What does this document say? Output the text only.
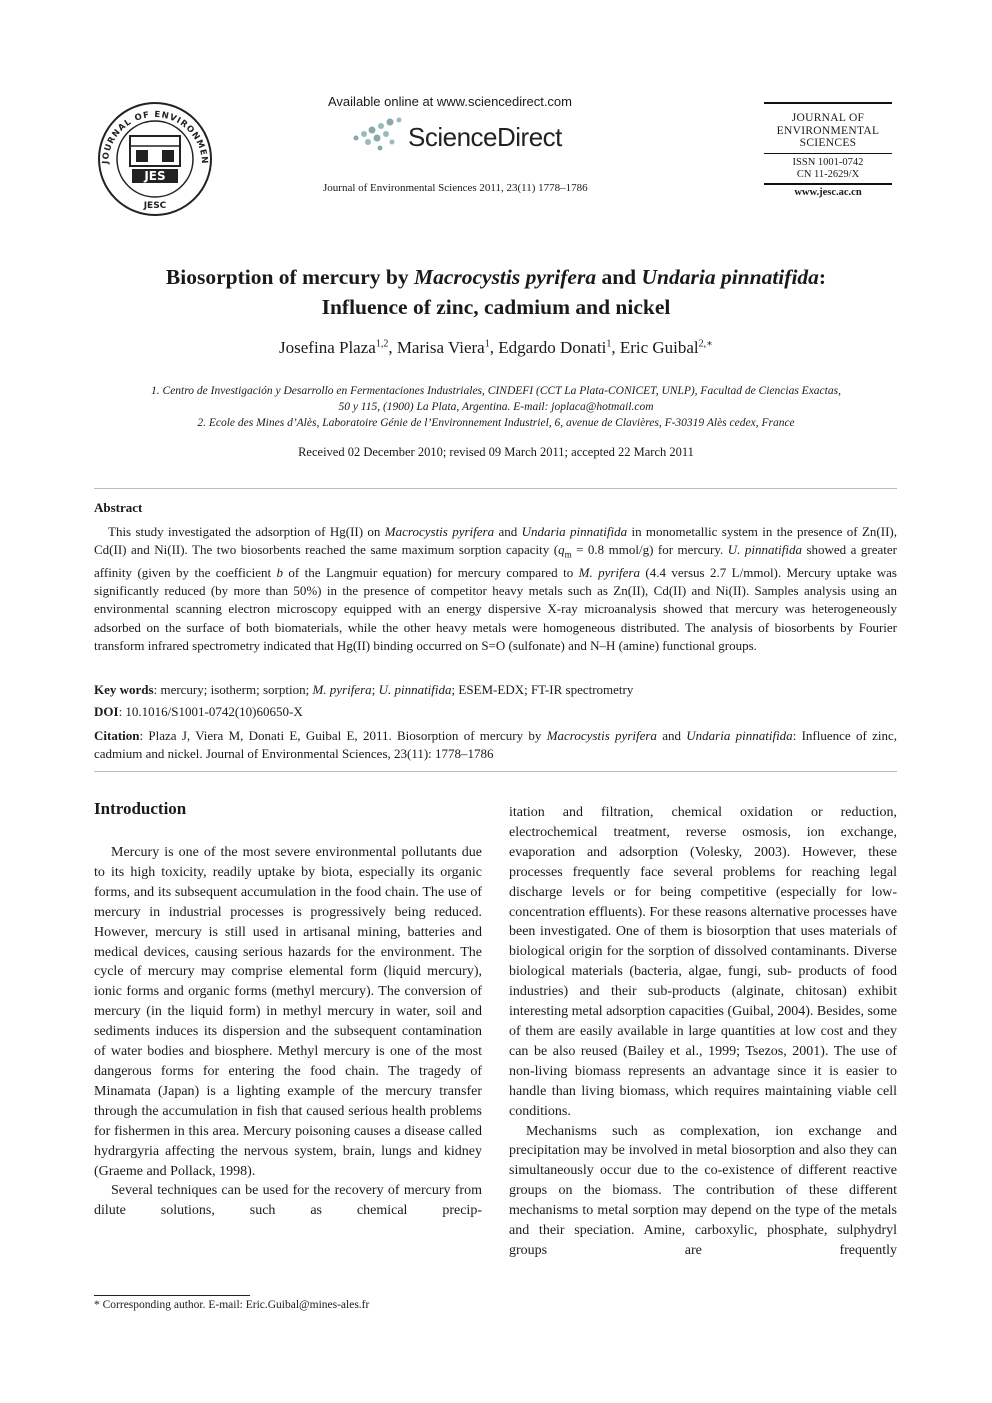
JOURNAL OF ENVIRONMEN
JES
JESC
Available online at www.sciencedirect.com
ScienceDirect
Journal of Environmental Sciences 2011, 23(11) 1778–1786
JOURNAL OF
ENVIRONMENTAL
SCIENCES
ISSN 1001-0742
CN 11-2629/X
www.jesc.ac.cn
Biosorption of mercury by Macrocystis pyrifera and Undaria pinnatifida:
Influence of zinc, cadmium and nickel
Josefina Plaza$^{1,2}$, Marisa Viera$^1$, Edgardo Donati$^1$, Eric Guibal$^{2,∗}$
1. Centro de Investigación y Desarrollo en Fermentaciones Industriales, CINDEFI (CCT La Plata-CONICET, UNLP), Facultad de Ciencias Exactas,
50 y 115, (1900) La Plata, Argentina. E-mail: joplaca@hotmail.com
2. Ecole des Mines d’Alès, Laboratoire Génie de l’Environnement Industriel, 6, avenue de Clavières, F-30319 Alès cedex, France
Received 02 December 2010; revised 09 March 2011; accepted 22 March 2011
Abstract
This study investigated the adsorption of Hg(II) on Macrocystis pyrifera and Undaria pinnatifida in monometallic system in the presence of Zn(II), Cd(II) and Ni(II). The two biosorbents reached the same maximum sorption capacity ($q_m = 0.8$ mmol/g) for mercury. U. pinnatifida showed a greater affinity (given by the coefficient b of the Langmuir equation) for mercury compared to M. pyrifera (4.4 versus 2.7 L/mmol). Mercury uptake was significantly reduced (by more than 50%) in the presence of competitor heavy metals such as Zn(II), Cd(II) and Ni(II). Samples analysis using an environmental scanning electron microscopy equipped with an energy dispersive X-ray microanalysis showed that mercury was heterogeneously adsorbed on the surface of both biomaterials, while the other heavy metals were homogeneous distributed. The analysis of biosorbents by Fourier transform infrared spectrometry indicated that Hg(II) binding occurred on S=O (sulfonate) and N–H (amine) functional groups.
Key words: mercury; isotherm; sorption; M. pyrifera; U. pinnatifida; ESEM-EDX; FT-IR spectrometry
DOI: 10.1016/S1001-0742(10)60650-X
Citation: Plaza J, Viera M, Donati E, Guibal E, 2011. Biosorption of mercury by Macrocystis pyrifera and Undaria pinnatifida: Influence of zinc, cadmium and nickel. Journal of Environmental Sciences, 23(11): 1778–1786
Introduction

Mercury is one of the most severe environmental pollutants due to its high toxicity, readily uptake by biota, especially its organic forms, and its subsequent accumulation in the food chain. The use of mercury in industrial processes is progressively being reduced. However, mercury is still used in artisanal mining, batteries and medical devices, causing serious hazards for the environment. The cycle of mercury may comprise elemental form (liquid mercury), ionic forms and organic forms (methyl mercury). The conversion of mercury (in the liquid form) in methyl mercury in water, soil and sediments induces its dispersion and the subsequent contamination of water bodies and biosphere. Methyl mercury is one of the most dangerous forms for entering the food chain. The tragedy of Minamata (Japan) is a lighting example of the mercury transfer through the accumulation in fish that caused serious health problems for fishermen in this area. Mercury poisoning causes a disease called hydrargyria affecting the nervous system, brain, lungs and kidney (Graeme and Pollack, 1998).

Several techniques can be used for the recovery of mercury from dilute solutions, such as chemical precip-

itation and filtration, chemical oxidation or reduction, electrochemical treatment, reverse osmosis, ion exchange, evaporation and adsorption (Volesky, 2003). However, these processes frequently face several problems for reaching legal discharge levels or for being competitive (especially for low-concentration effluents). For these reasons alternative processes have been investigated. One of them is biosorption that uses materials of biological origin for the sorption of dissolved contaminants. Diverse biological materials (bacteria, algae, fungi, sub- products of food industries) and their sub-products (alginate, chitosan) exhibit interesting metal adsorption capacities (Guibal, 2004). Besides, some of them are easily available in large quantities at low cost and they can be also reused (Bailey et al., 1999; Tsezos, 2001). The use of non-living biomass represents an advantage since it is easier to handle than living biomass, which requires maintaining viable cell conditions.

Mechanisms such as complexation, ion exchange and precipitation may be involved in metal biosorption and also they can simultaneously occur due to the co-existence of different reactive groups on the biomass. The contribution of these different mechanisms to metal sorption may depend on the type of the metals and their speciation. Amine, carboxylic, phosphate, sulphydryl groups are frequently

* Corresponding author. E-mail: Eric.Guibal@mines-ales.fr
